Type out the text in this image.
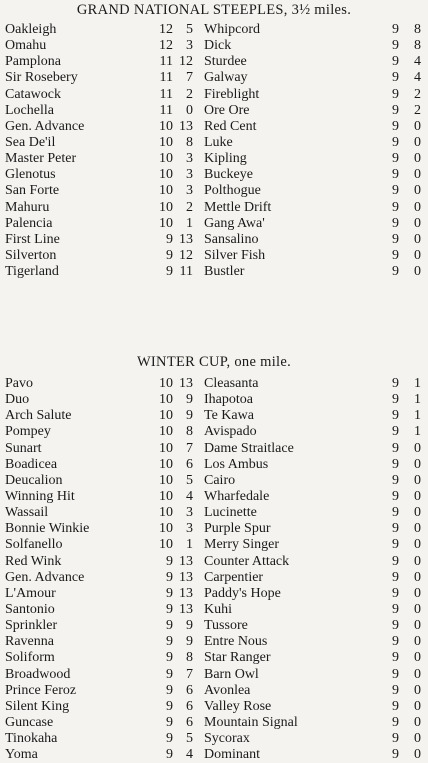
GRAND NATIONAL STEEPLES, 3½ miles.
Oakleigh	12 5 Whipcord	9	8
Omahu	12 3 Dick	9	8
Pamplona	11 12 Sturdee	9	4
Sir Rosebery	11 7 Galway	9	4
Catawock	11 2 Fireblight	9	2
Lochella	11 0 Ore Ore	9	2
Gen. Advance	10 13 Red Cent	9	0
Sea De'il	10 8 Luke	9	0
Master Peter	10 3 Kipling	9	0
Glenotus	10 3 Buckeye	9	0
San Forte	10 3 Polthogue	9	0
Mahuru	10 2 Mettle Drift	9	0
Palencia	10 1 Gang Awa'	9	0
First Line	9 13 Sansalino	9	0
Silverton	9 12 Silver Fish	9	0
Tigerland	9 11 Bustler	9	0
WINTER CUP, one mile.
Pavo	10 13 Cleasanta	9	1
Duo	10 9 Ihapotoa	9	1
Arch Salute	10 9 Te Kawa	9	1
Pompey	10 8 Avispado	9	1
Sunart	10 7 Dame Straitlace	9	0
Boadicea	10 6 Los Ambus	9	0
Deucalion	10 5 Cairo	9	0
Winning Hit	10 4 Wharfedale	9	0
Wassail	10 3 Lucinette	9	0
Bonnie Winkie	10 3 Purple Spur	9	0
Solfanello	10 1 Merry Singer	9	0
Red Wink	9 13 Counter Attack	9	0
Gen. Advance	9 13 Carpentier	9	0
L'Amour	9 13 Paddy's Hope	9	0
Santonio	9 13 Kuhi	9	0
Sprinkler	9 9 Tussore	9	0
Ravenna	9 9 Entre Nous	9	0
Soliform	9 8 Star Ranger	9	0
Broadwood	9 7 Barn Owl	9	0
Prince Feroz	9 6 Avonlea	9	0
Silent King	9 6 Valley Rose	9	0
Guncase	9 6 Mountain Signal	9	0
Tinokaha	9 5 Sycorax	9	0
Yoma	9 4 Dominant	9	0
